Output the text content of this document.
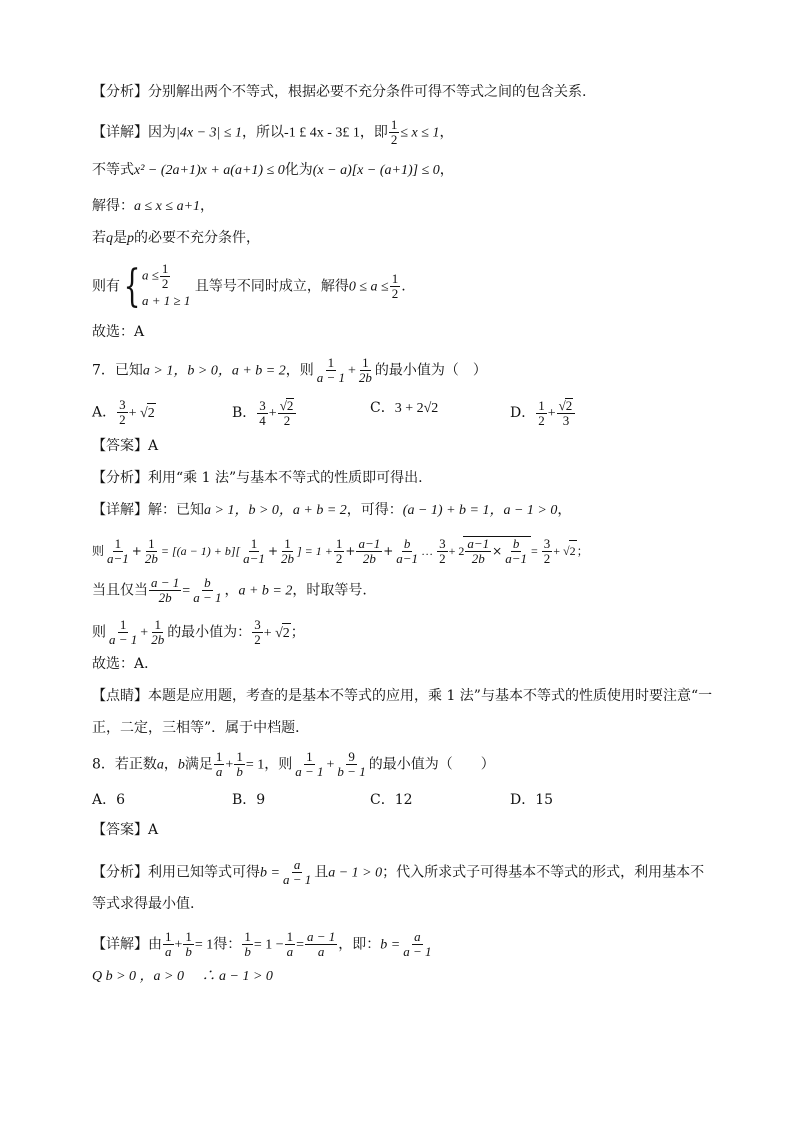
【分析】分别解出两个不等式，根据必要不充分条件可得不等式之间的包含关系.
【详解】因为|4x − 3| ≤ 1，所以-1 £ 4x - 3£ 1，即 $\frac{1}{2} \le x \le 1$，
不等式x² − (2a+1)x + a(a+1) ≤ 0化为(x − a)[x − (a+1)] ≤ 0，
解得：a ≤ x ≤ a+1，
若q是p的必要不充分条件，
则有{ $a \le \frac{1}{2}$
a + 1 ≥ 1
且等号不同时成立，解得$0 \le a \le \frac{1}{2}$ .
故选：A
7．已知a > 1，b > 0，a + b = 2，则 $\frac{1}{a - 1} + \frac{1}{2b}$ 的最小值为（　）
A． $\frac{3}{2} + √2$	B． $\frac{3}{4} + \frac{√2}{2}$	C．3 + 2√2	D． $\frac{1}{2} + \frac{√2}{3}$
【答案】A
【分析】利用“乘 1 法”与基本不等式的性质即可得出.
【详解】解：已知a > 1，b > 0，a + b = 2，可得：(a − 1) + b = 1，a − 1 > 0，
则 $\frac{1}{a-1} + \frac{1}{2b} = [(a - 1) + b][ \frac{1}{a-1} + \frac{1}{2b}$ ] = $1 + \frac{1}{2} + \frac{a-1}{2b} + \frac{b}{a-1}$ … $\frac{3}{2} + 2 \frac{a-1}{2b} \times \frac{b}{a-1} = \frac{3}{2} + √2$；
当且仅当 $\frac{a - 1}{2b} = \frac{b}{a - 1}$ ，a + b = 2，时取等号.
则 $\frac{1}{a - 1} + \frac{1}{2b}$ 的最小值为： $\frac{3}{2} + √2$；
故选：A．
【点睛】本题是应用题，考查的是基本不等式的应用，乘 1 法”与基本不等式的性质使用时要注意“一
正，二定，三相等”．属于中档题．
8．若正数a，b满足 $\frac{1}{a} + \frac{1}{b} = 1$，则 $\frac{1}{a - 1} + \frac{9}{b - 1}$ 的最小值为（　　）
A．6	B．9	C．12	D．15
【答案】A
【分析】利用已知等式可得$b = \frac{a}{a - 1}$ 且a − 1 > 0；代入所求式子可得基本不等式的形式，利用基本不
等式求得最小值.
【详解】由 $\frac{1}{a} + \frac{1}{b} = 1$得： $\frac{1}{b} = 1 - \frac{1}{a} = \frac{a - 1}{a}$ ，即：$b = \frac{a}{a - 1}$
Q b > 0 ，a > 0 　∴ a − 1 > 0
